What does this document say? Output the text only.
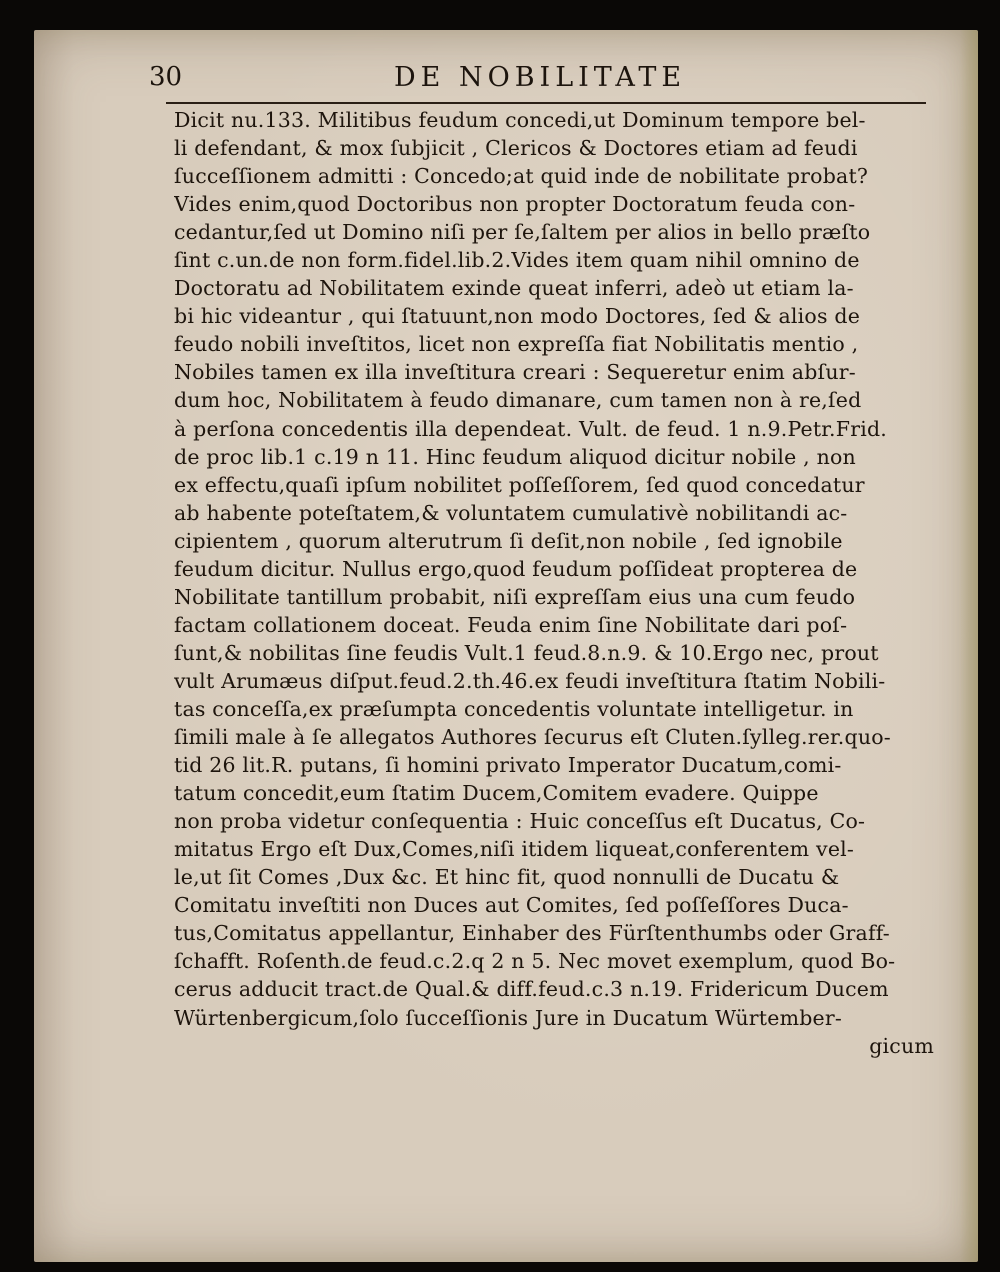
30	DE NOBILITATE
Dicit nu.133. Militibus feudum concedi,ut Dominum tempore bel-
li defendant, & mox ſubjicit , Clericos & Doctores etiam ad feudi
ſucceſſionem admitti : Concedo;at quid inde de nobilitate probat?
Vides enim,quod Doctoribus non propter Doctoratum feuda con-
cedantur,ſed ut Domino niſi per ſe,ſaltem per alios in bello præſto
ſint c.un.de non form.fidel.lib.2.Vides item quam nihil omnino de
Doctoratu ad Nobilitatem exinde queat inferri, adeò ut etiam la-
bi hic videantur , qui ſtatuunt,non modo Doctores, ſed & alios de
feudo nobili inveſtitos, licet non expreſſa fiat Nobilitatis mentio ,
Nobiles tamen ex illa inveſtitura creari : Sequeretur enim abſur-
dum hoc, Nobilitatem à feudo dimanare, cum tamen non à re,ſed
à perſona concedentis illa dependeat. Vult. de feud. 1 n.9.Petr.Frid.
de proc lib.1 c.19 n 11. Hinc feudum aliquod dicitur nobile , non
ex effectu,quaſi ipſum nobilitet poſſeſſorem, ſed quod concedatur
ab habente poteſtatem,& voluntatem cumulativè nobilitandi ac-
cipientem , quorum alterutrum ſi deſit,non nobile , ſed ignobile
feudum dicitur. Nullus ergo,quod feudum poſſideat propterea de
Nobilitate tantillum probabit, niſi expreſſam eius una cum feudo
factam collationem doceat. Feuda enim ſine Nobilitate dari poſ-
ſunt,& nobilitas ſine feudis Vult.1 feud.8.n.9. & 10.Ergo nec, prout
vult Arumæus diſput.feud.2.th.46.ex feudi inveſtitura ſtatim Nobili-
tas conceſſa,ex præſumpta concedentis voluntate intelligetur. in
ſimili male à ſe allegatos Authores ſecurus eſt Cluten.ſylleg.rer.quo-
tid 26 lit.R. putans, ſi homini privato Imperator Ducatum,comi-
tatum concedit,eum ſtatim Ducem,Comitem evadere. Quippe
non proba videtur conſequentia : Huic conceſſus eſt Ducatus, Co-
mitatus Ergo eſt Dux,Comes,niſi itidem liqueat,conferentem vel-
le,ut ſit Comes ,Dux &c. Et hinc fit, quod nonnulli de Ducatu &
Comitatu inveſtiti non Duces aut Comites, ſed poſſeſſores Duca-
tus,Comitatus appellantur, Einhaber des Fürſtenthumbs oder Graff-
ſchafft. Roſenth.de feud.c.2.q 2 n 5. Nec movet exemplum, quod Bo-
cerus adducit tract.de Qual.& diff.feud.c.3 n.19. Fridericum Ducem
Würtenbergicum,ſolo ſucceſſionis Jure in Ducatum Würtember-
gicum
